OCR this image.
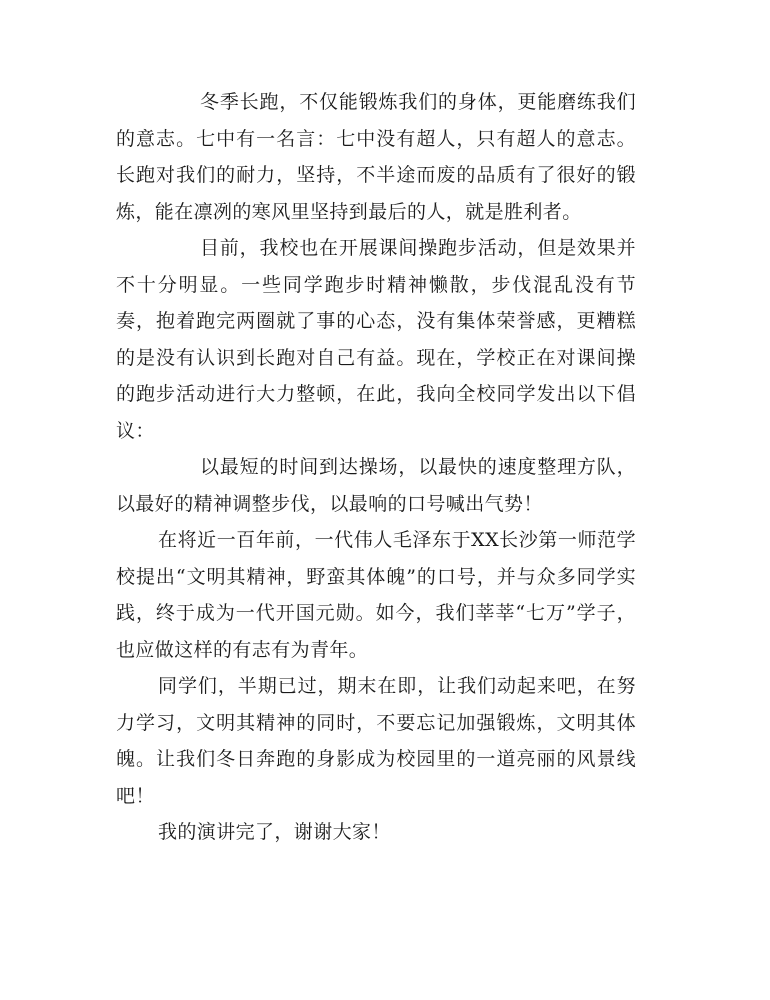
冬季长跑，不仅能锻炼我们的身体，更能磨练我们的意志。七中有一名言：七中没有超人，只有超人的意志。长跑对我们的耐力，坚持，不半途而废的品质有了很好的锻炼，能在凛冽的寒风里坚持到最后的人，就是胜利者。

目前，我校也在开展课间操跑步活动，但是效果并不十分明显。一些同学跑步时精神懒散，步伐混乱没有节奏，抱着跑完两圈就了事的心态，没有集体荣誉感，更糟糕的是没有认识到长跑对自己有益。现在，学校正在对课间操的跑步活动进行大力整顿，在此，我向全校同学发出以下倡议：

以最短的时间到达操场，以最快的速度整理方队，以最好的精神调整步伐，以最响的口号喊出气势！

在将近一百年前，一代伟人毛泽东于XX长沙第一师范学校提出“文明其精神，野蛮其体魄”的口号，并与众多同学实践，终于成为一代开国元勋。如今，我们莘莘“七万”学子，也应做这样的有志有为青年。

同学们，半期已过，期末在即，让我们动起来吧，在努力学习，文明其精神的同时，不要忘记加强锻炼，文明其体魄。让我们冬日奔跑的身影成为校园里的一道亮丽的风景线吧！

我的演讲完了，谢谢大家！
